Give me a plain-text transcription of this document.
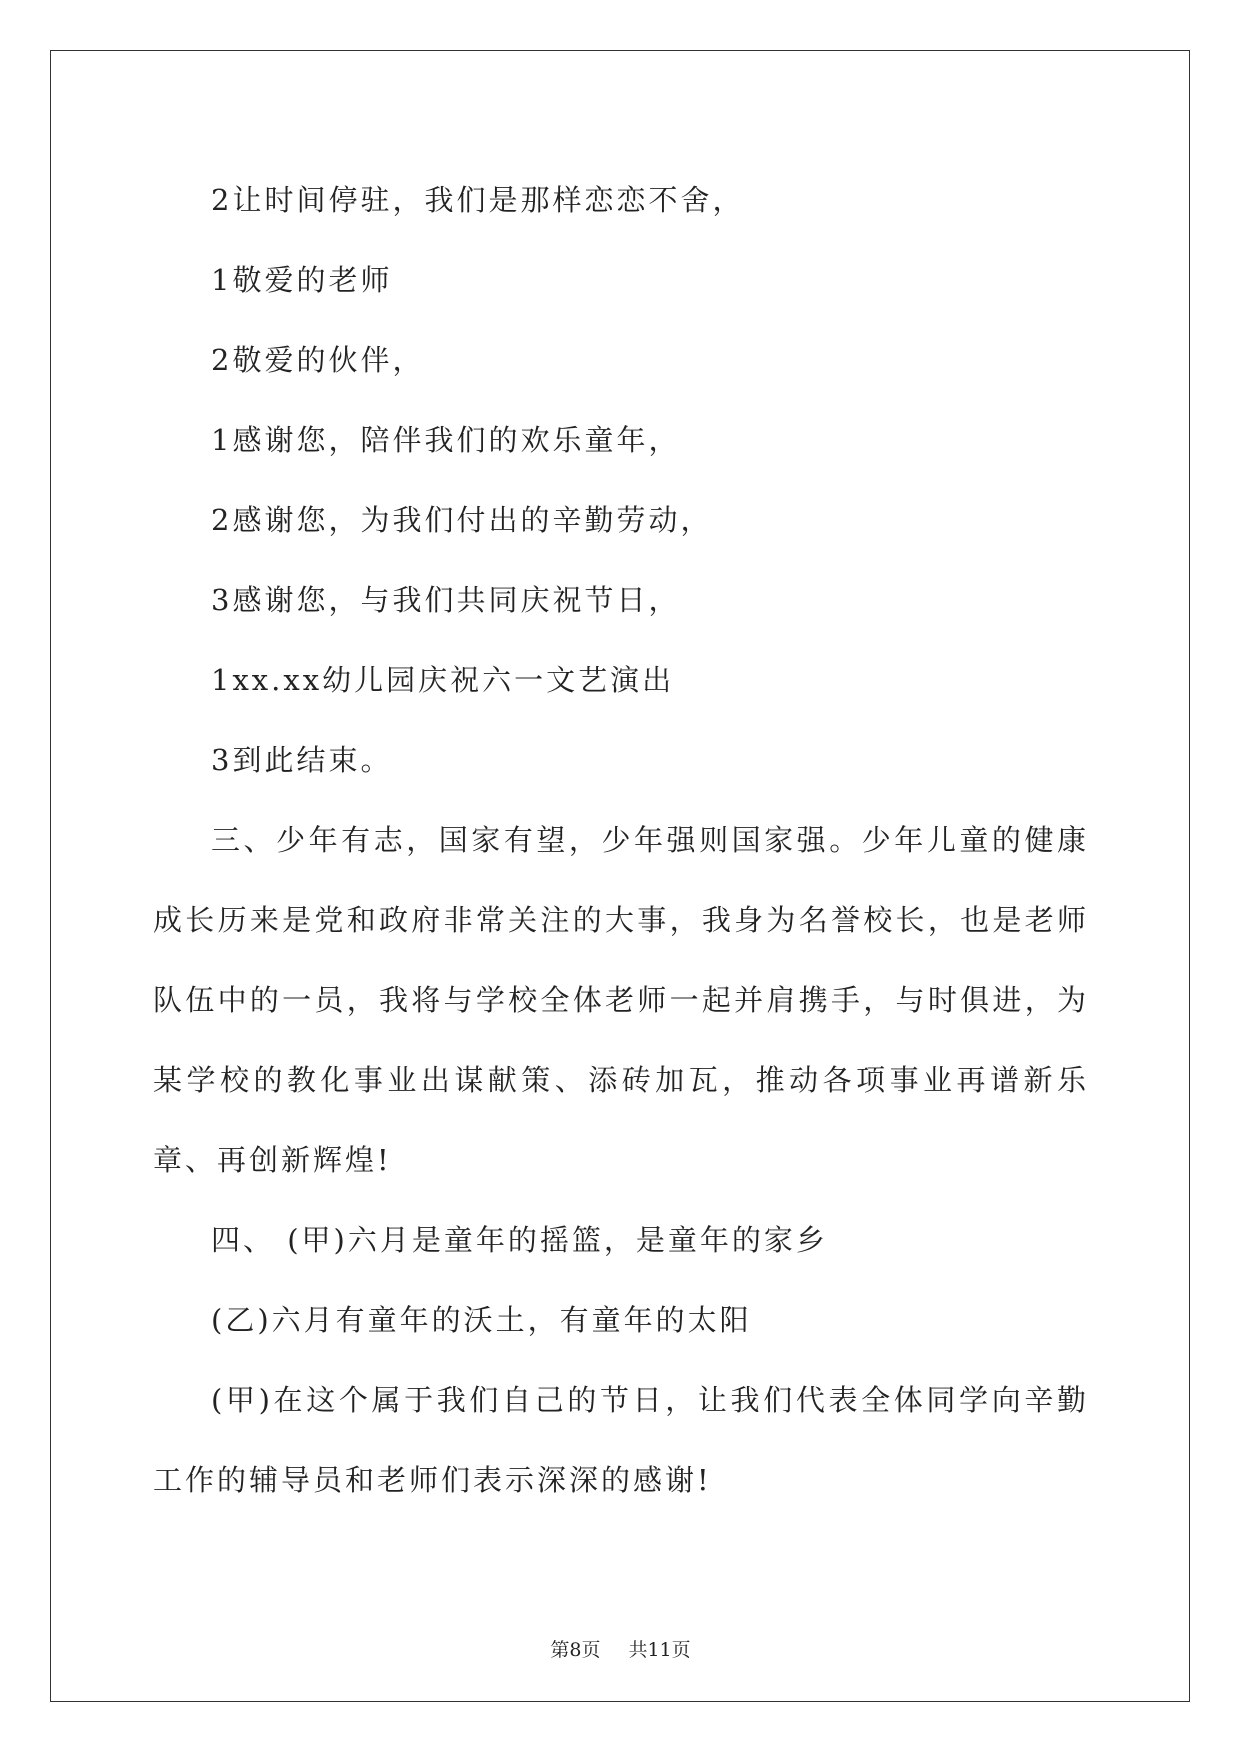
2让时间停驻，我们是那样恋恋不舍，
1敬爱的老师
2敬爱的伙伴，
1感谢您，陪伴我们的欢乐童年，
2感谢您，为我们付出的辛勤劳动，
3感谢您，与我们共同庆祝节日，
1xx.xx幼儿园庆祝六一文艺演出
3到此结束。

三、少年有志，国家有望，少年强则国家强。少年儿童的健康成长历来是党和政府非常关注的大事，我身为名誉校长，也是老师队伍中的一员，我将与学校全体老师一起并肩携手，与时俱进，为某学校的教化事业出谋献策、添砖加瓦，推动各项事业再谱新乐章、再创新辉煌!

四、 (甲)六月是童年的摇篮，是童年的家乡
(乙)六月有童年的沃土，有童年的太阳

(甲)在这个属于我们自己的节日，让我们代表全体同学向辛勤工作的辅导员和老师们表示深深的感谢!

第8页 共11页
